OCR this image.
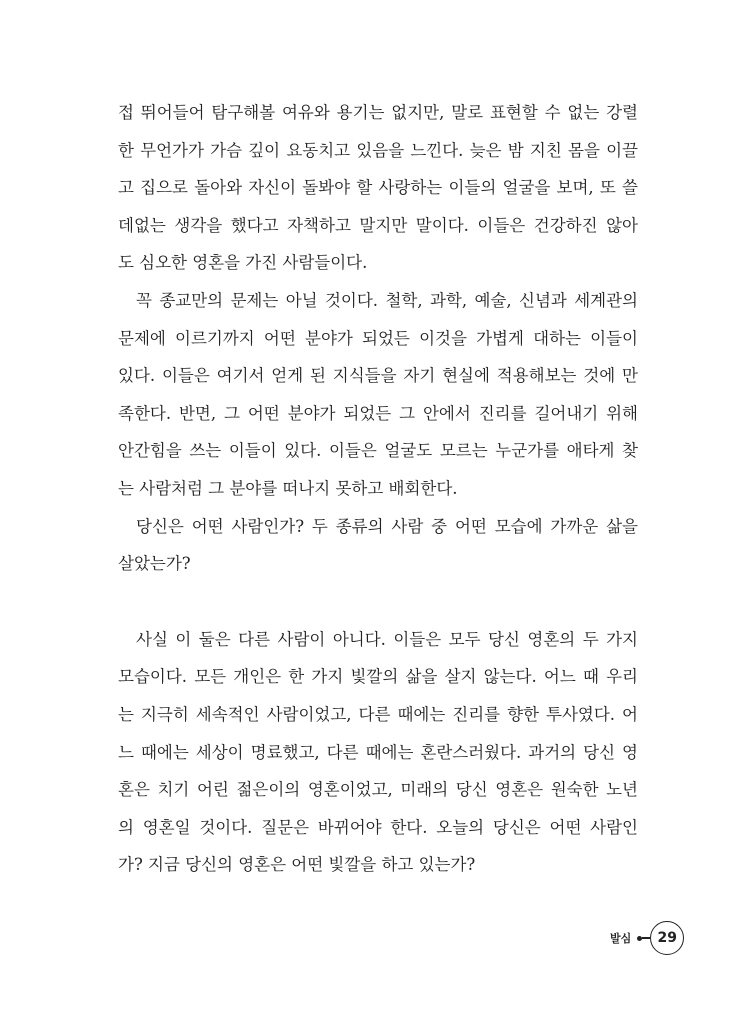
접 뛰어들어 탐구해볼 여유와 용기는 없지만, 말로 표현할 수 없는 강렬
한 무언가가 가슴 깊이 요동치고 있음을 느낀다. 늦은 밤 지친 몸을 이끌
고 집으로 돌아와 자신이 돌봐야 할 사랑하는 이들의 얼굴을 보며, 또 쓸
데없는 생각을 했다고 자책하고 말지만 말이다. 이들은 건강하진 않아
도 심오한 영혼을 가진 사람들이다.
꼭 종교만의 문제는 아닐 것이다. 철학, 과학, 예술, 신념과 세계관의
문제에 이르기까지 어떤 분야가 되었든 이것을 가볍게 대하는 이들이
있다. 이들은 여기서 얻게 된 지식들을 자기 현실에 적용해보는 것에 만
족한다. 반면, 그 어떤 분야가 되었든 그 안에서 진리를 길어내기 위해
안간힘을 쓰는 이들이 있다. 이들은 얼굴도 모르는 누군가를 애타게 찾
는 사람처럼 그 분야를 떠나지 못하고 배회한다.
당신은 어떤 사람인가? 두 종류의 사람 중 어떤 모습에 가까운 삶을
살았는가?
사실 이 둘은 다른 사람이 아니다. 이들은 모두 당신 영혼의 두 가지
모습이다. 모든 개인은 한 가지 빛깔의 삶을 살지 않는다. 어느 때 우리
는 지극히 세속적인 사람이었고, 다른 때에는 진리를 향한 투사였다. 어
느 때에는 세상이 명료했고, 다른 때에는 혼란스러웠다. 과거의 당신 영
혼은 치기 어린 젊은이의 영혼이었고, 미래의 당신 영혼은 원숙한 노년
의 영혼일 것이다. 질문은 바뀌어야 한다. 오늘의 당신은 어떤 사람인
가? 지금 당신의 영혼은 어떤 빛깔을 하고 있는가?
발심	29
